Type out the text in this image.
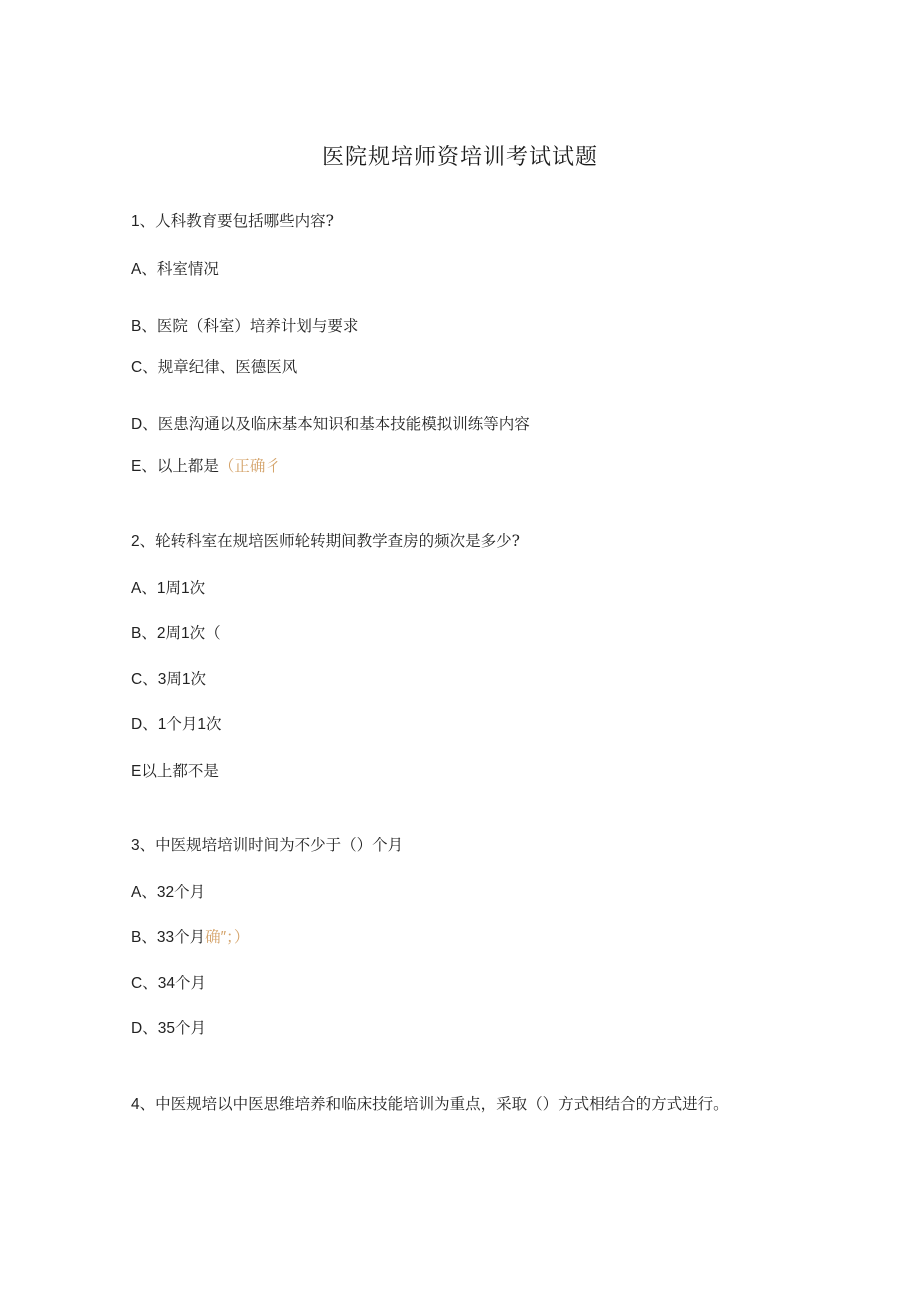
医院规培师资培训考试试题
1、人科教育要包括哪些内容?
A、科室情况
B、医院（科室）培养计划与要求
C、规章纪律、医德医风
D、医患沟通以及临床基本知识和基本技能模拟训练等内容
E、以上都是（正确彳
2、轮转科室在规培医师轮转期间教学查房的频次是多少?
A、1周1次
B、2周1次（
C、3周1次
D、1个月1次
E以上都不是
3、中医规培培训时间为不少于（）个月
A、32个月
B、33个月确″；）
C、34个月
D、35个月
4、中医规培以中医思维培养和临床技能培训为重点，采取（）方式相结合的方式进行。
